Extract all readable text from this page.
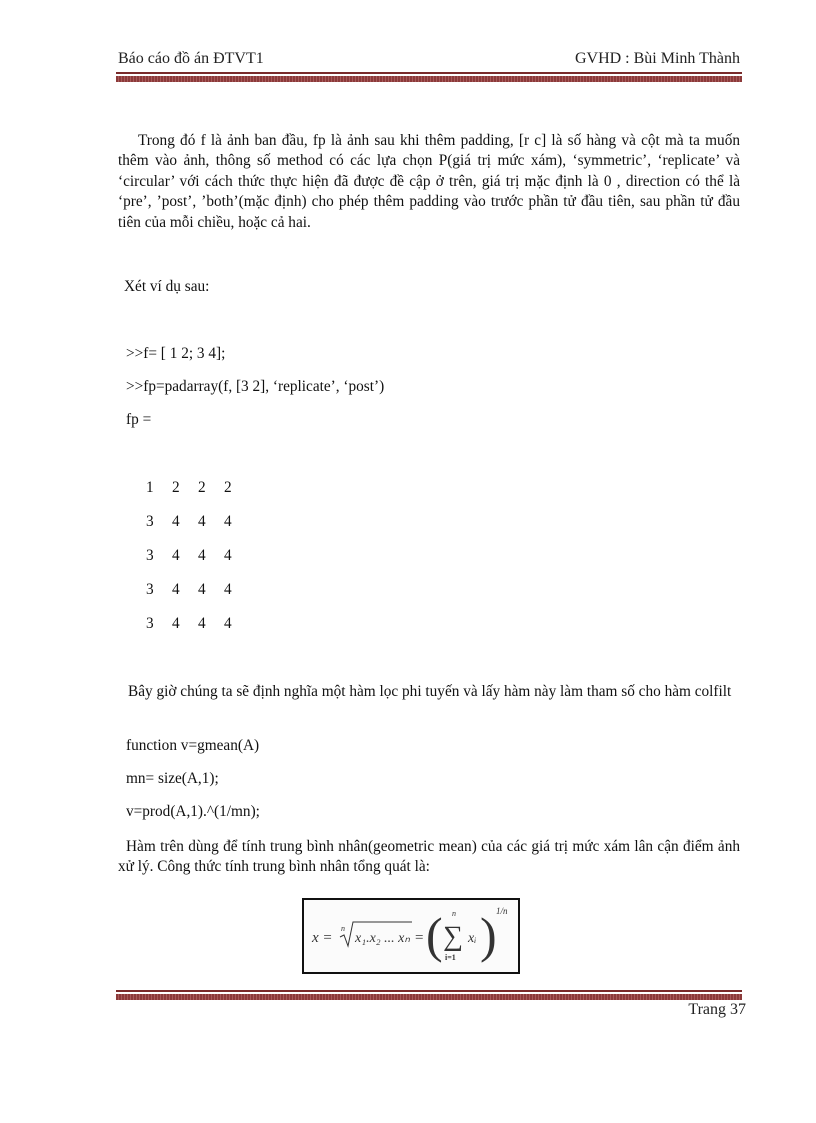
Báo cáo đồ án ĐTVT1	GVHD : Bùi Minh Thành
Trong đó f là ảnh ban đầu, fp là ảnh sau khi thêm padding, [r c] là số hàng và cột mà ta muốn thêm vào ảnh, thông số method có các lựa chọn P(giá trị mức xám), ‘symmetric’, ‘replicate’ và ‘circular’ với cách thức thực hiện đã được đề cập ở trên, giá trị mặc định là 0 , direction có thể là ‘pre’, ’post’, ’both’(mặc định) cho phép thêm padding vào trước phần tử đầu tiên, sau phần tử đầu tiên của mỗi chiều, hoặc cả hai.
Xét ví dụ sau:
>>f= [ 1 2; 3 4];
>>fp=padarray(f, [3 2], ‘replicate’, ‘post’)
fp =
1 2 2 2
3 4 4 4
3 4 4 4
3 4 4 4
3 4 4 4
Bây giờ chúng ta sẽ định nghĩa một hàm lọc phi tuyến và lấy hàm này làm tham số cho hàm colfilt
function v=gmean(A)
mn= size(A,1);
v=prod(A,1).^(1/mn);
Hàm trên dùng để tính trung bình nhân(geometric mean) của các giá trị mức xám lân cận điểm ảnh xử lý. Công thức tính trung bình nhân tổng quát là:
x =
n
x₁.x₂ ... xₙ = ( n
∑
i=1
xᵢ ) 1/n
Trang 37
